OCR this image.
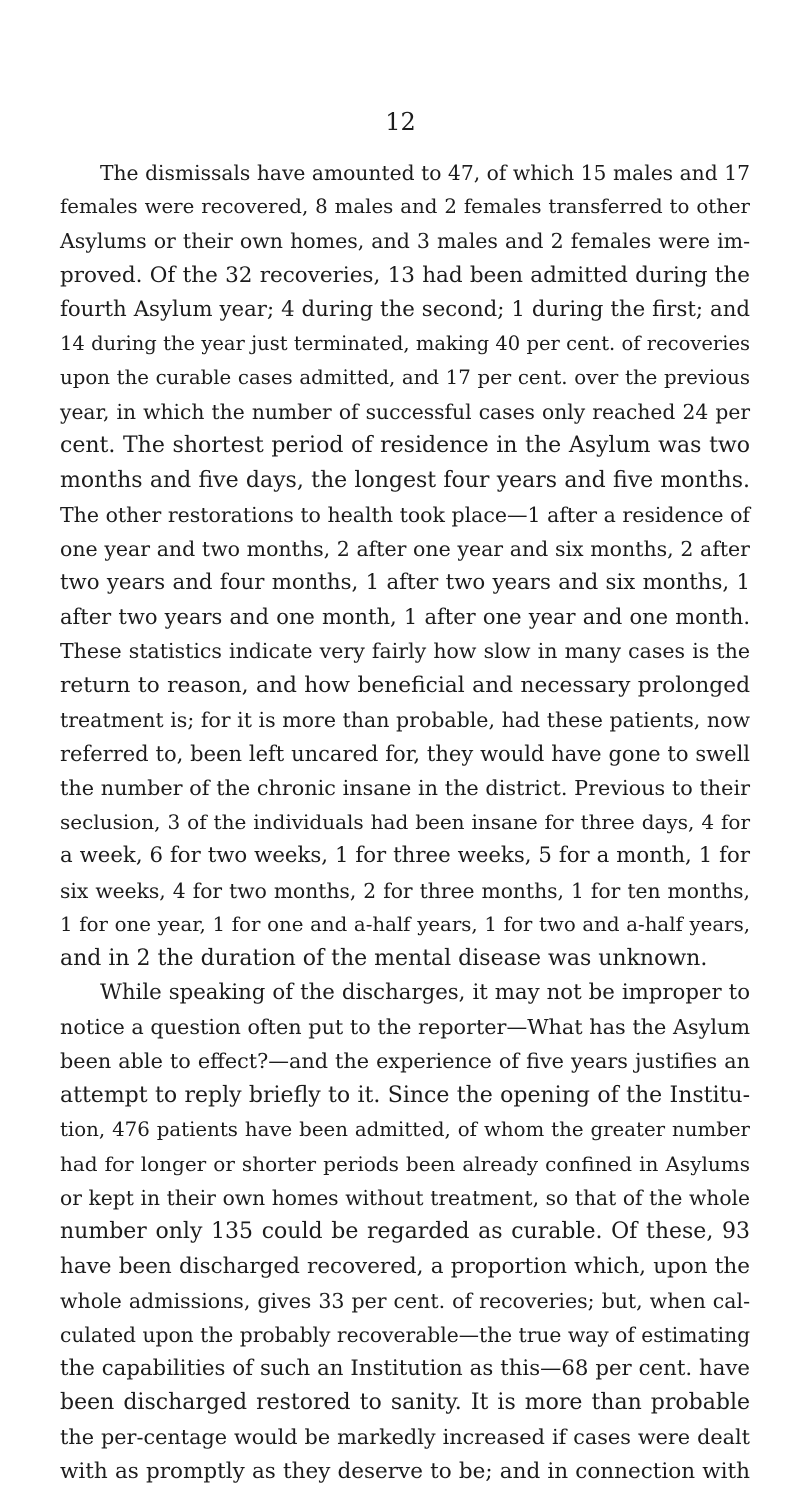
12
The dismissals have amounted to 47, of which 15 males and 17
females were recovered, 8 males and 2 females transferred to other
Asylums or their own homes, and 3 males and 2 females were im-
proved. Of the 32 recoveries, 13 had been admitted during the
fourth Asylum year; 4 during the second; 1 during the first; and
14 during the year just terminated, making 40 per cent. of recoveries
upon the curable cases admitted, and 17 per cent. over the previous
year, in which the number of successful cases only reached 24 per
cent. The shortest period of residence in the Asylum was two
months and five days, the longest four years and five months.
The other restorations to health took place—1 after a residence of
one year and two months, 2 after one year and six months, 2 after
two years and four months, 1 after two years and six months, 1
after two years and one month, 1 after one year and one month.
These statistics indicate very fairly how slow in many cases is the
return to reason, and how beneficial and necessary prolonged
treatment is; for it is more than probable, had these patients, now
referred to, been left uncared for, they would have gone to swell
the number of the chronic insane in the district. Previous to their
seclusion, 3 of the individuals had been insane for three days, 4 for
a week, 6 for two weeks, 1 for three weeks, 5 for a month, 1 for
six weeks, 4 for two months, 2 for three months, 1 for ten months,
1 for one year, 1 for one and a-half years, 1 for two and a-half years,
and in 2 the duration of the mental disease was unknown.
While speaking of the discharges, it may not be improper to
notice a question often put to the reporter—What has the Asylum
been able to effect?—and the experience of five years justifies an
attempt to reply briefly to it. Since the opening of the Institu-
tion, 476 patients have been admitted, of whom the greater number
had for longer or shorter periods been already confined in Asylums
or kept in their own homes without treatment, so that of the whole
number only 135 could be regarded as curable. Of these, 93
have been discharged recovered, a proportion which, upon the
whole admissions, gives 33 per cent. of recoveries; but, when cal-
culated upon the probably recoverable—the true way of estimating
the capabilities of such an Institution as this—68 per cent. have
been discharged restored to sanity. It is more than probable
the per-centage would be markedly increased if cases were dealt
with as promptly as they deserve to be; and in connection with
